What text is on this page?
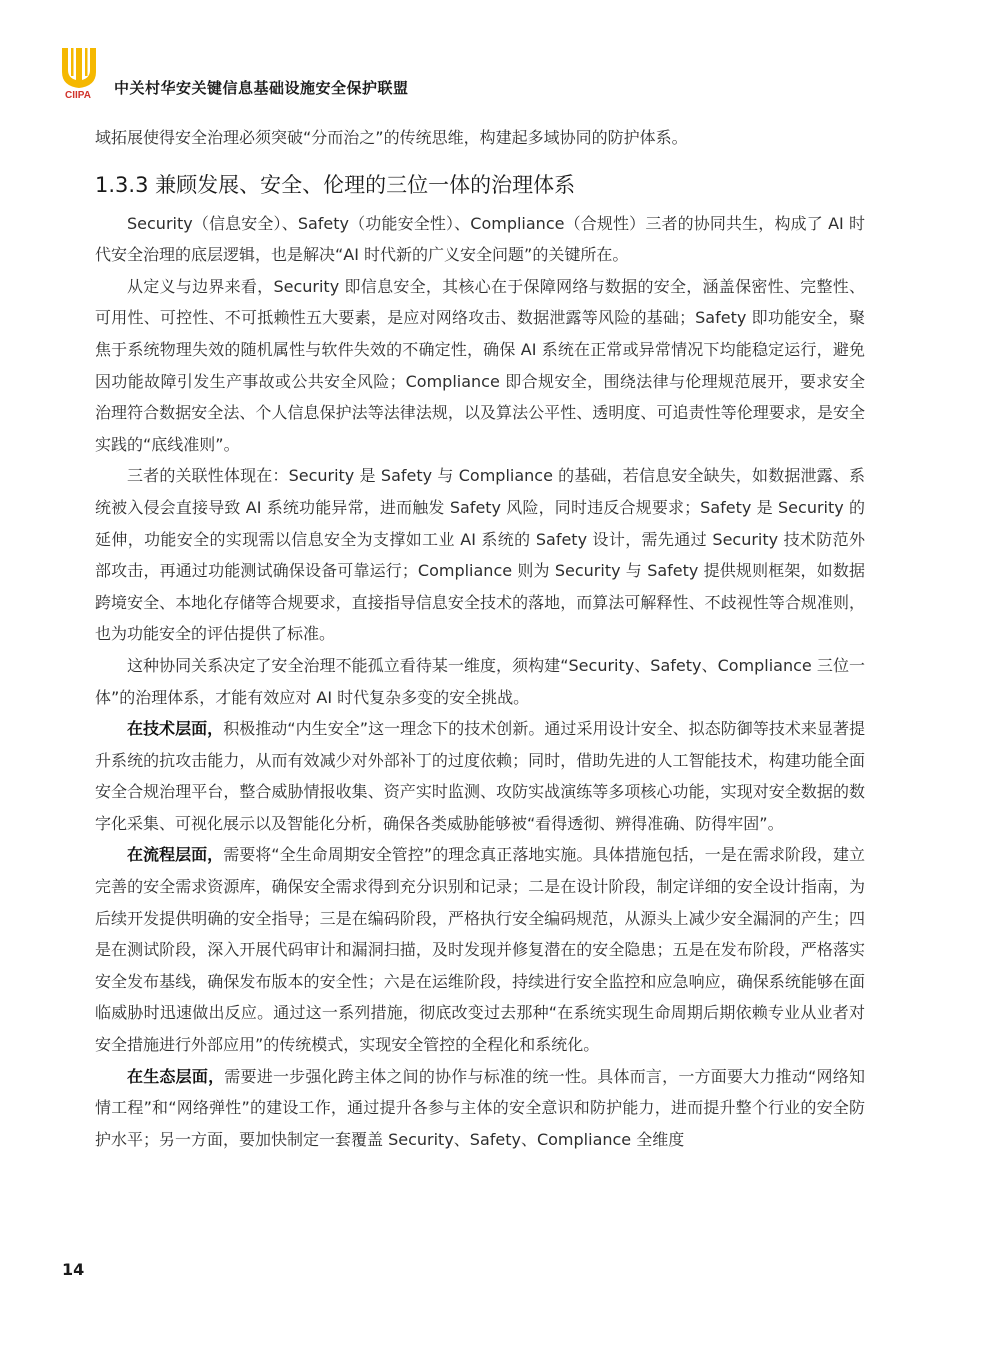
CIIPA 中关村华安关键信息基础设施安全保护联盟

域拓展使得安全治理必须突破“分而治之”的传统思维，构建起多域协同的防护体系。

1.3.3 兼顾发展、安全、伦理的三位一体的治理体系

Security（信息安全）、Safety（功能安全性）、Compliance（合规性）三者的协同共生，构成了 AI 时代安全治理的底层逻辑，也是解决“AI 时代新的广义安全问题”的关键所在。

从定义与边界来看，Security 即信息安全，其核心在于保障网络与数据的安全，涵盖保密性、完整性、可用性、可控性、不可抵赖性五大要素，是应对网络攻击、数据泄露等风险的基础；Safety 即功能安全，聚焦于系统物理失效的随机属性与软件失效的不确定性，确保 AI 系统在正常或异常情况下均能稳定运行，避免因功能故障引发生产事故或公共安全风险；Compliance 即合规安全，围绕法律与伦理规范展开，要求安全治理符合数据安全法、个人信息保护法等法律法规，以及算法公平性、透明度、可追责性等伦理要求，是安全实践的“底线准则”。

三者的关联性体现在：Security 是 Safety 与 Compliance 的基础，若信息安全缺失，如数据泄露、系统被入侵会直接导致 AI 系统功能异常，进而触发 Safety 风险，同时违反合规要求；Safety 是 Security 的延伸，功能安全的实现需以信息安全为支撑如工业 AI 系统的 Safety 设计，需先通过 Security 技术防范外部攻击，再通过功能测试确保设备可靠运行；Compliance 则为 Security 与 Safety 提供规则框架，如数据跨境安全、本地化存储等合规要求，直接指导信息安全技术的落地，而算法可解释性、不歧视性等合规准则，也为功能安全的评估提供了标准。

这种协同关系决定了安全治理不能孤立看待某一维度，须构建“Security、Safety、Compliance 三位一体”的治理体系，才能有效应对 AI 时代复杂多变的安全挑战。

在技术层面，积极推动“内生安全”这一理念下的技术创新。通过采用设计安全、拟态防御等技术来显著提升系统的抗攻击能力，从而有效减少对外部补丁的过度依赖；同时，借助先进的人工智能技术，构建功能全面安全合规治理平台，整合威胁情报收集、资产实时监测、攻防实战演练等多项核心功能，实现对安全数据的数字化采集、可视化展示以及智能化分析，确保各类威胁能够被“看得透彻、辨得准确、防得牢固”。

在流程层面，需要将“全生命周期安全管控”的理念真正落地实施。具体措施包括，一是在需求阶段，建立完善的安全需求资源库，确保安全需求得到充分识别和记录；二是在设计阶段，制定详细的安全设计指南，为后续开发提供明确的安全指导；三是在编码阶段，严格执行安全编码规范，从源头上减少安全漏洞的产生；四是在测试阶段，深入开展代码审计和漏洞扫描，及时发现并修复潜在的安全隐患；五是在发布阶段，严格落实安全发布基线，确保发布版本的安全性；六是在运维阶段，持续进行安全监控和应急响应，确保系统能够在面临威胁时迅速做出反应。通过这一系列措施，彻底改变过去那种“在系统实现生命周期后期依赖专业从业者对安全措施进行外部应用”的传统模式，实现安全管控的全程化和系统化。

在生态层面，需要进一步强化跨主体之间的协作与标准的统一性。具体而言，一方面要大力推动“网络知情工程”和“网络弹性”的建设工作，通过提升各参与主体的安全意识和防护能力，进而提升整个行业的安全防护水平；另一方面，要加快制定一套覆盖 Security、Safety、Compliance 全维度

14
